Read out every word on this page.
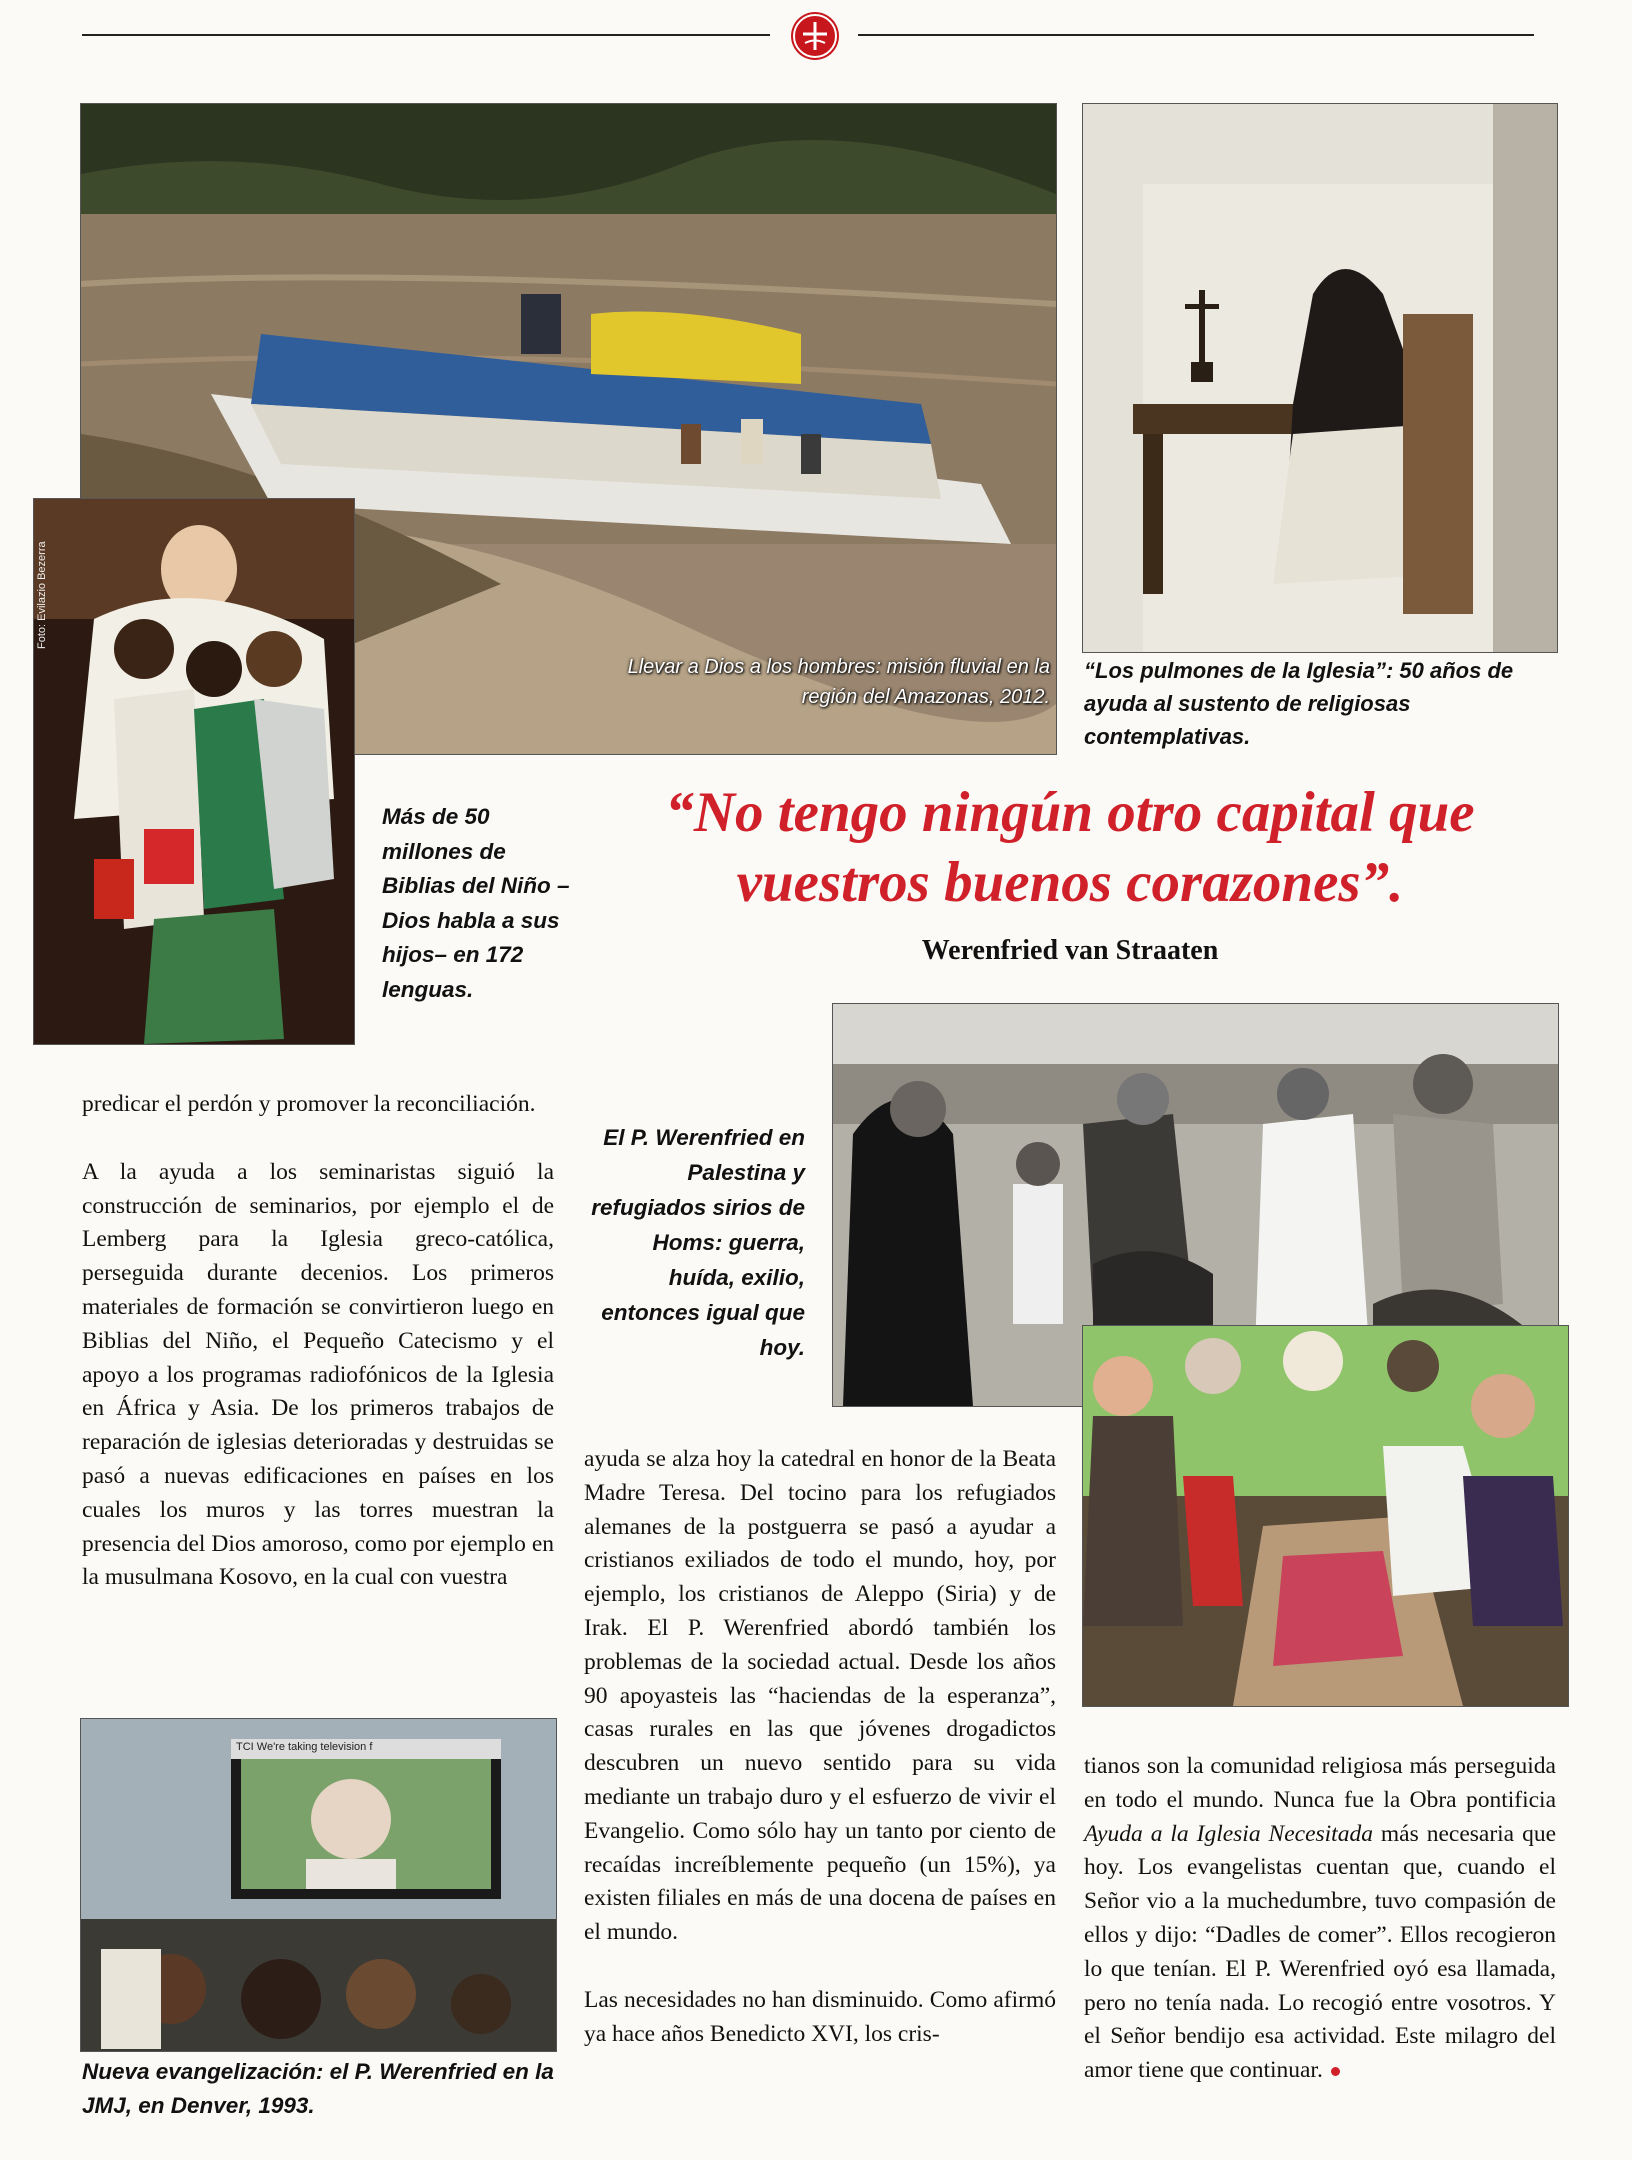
Llevar a Dios a los hombres: misión fluvial en la región del Amazonas, 2012.
“Los pulmones de la Iglesia”: 50 años de ayuda al sustento de religiosas contemplativas.
Foto: Evilazio Bezerra
Más de 50 millones de Biblias del Niño –Dios habla a sus hijos– en 172 lenguas.
“No tengo ningún otro capital que vuestros buenos corazones”.
Werenfried van Straaten
El P. Werenfried en Palestina y refugiados sirios de Homs: guerra, huída, exilio, entonces igual que hoy.
TCI We're taking television f
Nueva evangelización: el P. Werenfried en la JMJ, en Denver, 1993.

predicar el perdón y promover la reconciliación.

A la ayuda a los seminaristas siguió la construcción de seminarios, por ejemplo el de Lemberg para la Iglesia greco-católica, perseguida durante decenios. Los primeros materiales de formación se convirtieron luego en Biblias del Niño, el Pequeño Catecismo y el apoyo a los programas radiofónicos de la Iglesia en África y Asia. De los primeros trabajos de reparación de iglesias deterioradas y destruidas se pasó a nuevas edificaciones en países en los cuales los muros y las torres muestran la presencia del Dios amoroso, como por ejemplo en la musulmana Kosovo, en la cual con vuestra

ayuda se alza hoy la catedral en honor de la Beata Madre Teresa. Del tocino para los refugiados alemanes de la postguerra se pasó a ayudar a cristianos exiliados de todo el mundo, hoy, por ejemplo, los cristianos de Aleppo (Siria) y de Irak. El P. Werenfried abordó también los problemas de la sociedad actual. Desde los años 90 apoyasteis las “haciendas de la esperanza”, casas rurales en las que jóvenes drogadictos descubren un nuevo sentido para su vida mediante un trabajo duro y el esfuerzo de vivir el Evangelio. Como sólo hay un tanto por ciento de recaídas increíblemente pequeño (un 15%), ya existen filiales en más de una docena de países en el mundo.

Las necesidades no han disminuido. Como afirmó ya hace años Benedicto XVI, los cris-

tianos son la comunidad religiosa más perseguida en todo el mundo. Nunca fue la Obra pontificia Ayuda a la Iglesia Necesitada más necesaria que hoy. Los evangelistas cuentan que, cuando el Señor vio a la muchedumbre, tuvo compasión de ellos y dijo: “Dadles de comer”. Ellos recogieron lo que tenían. El P. Werenfried oyó esa llamada, pero no tenía nada. Lo recogió entre vosotros. Y el Señor bendijo esa actividad. Este milagro del amor tiene que continuar.
